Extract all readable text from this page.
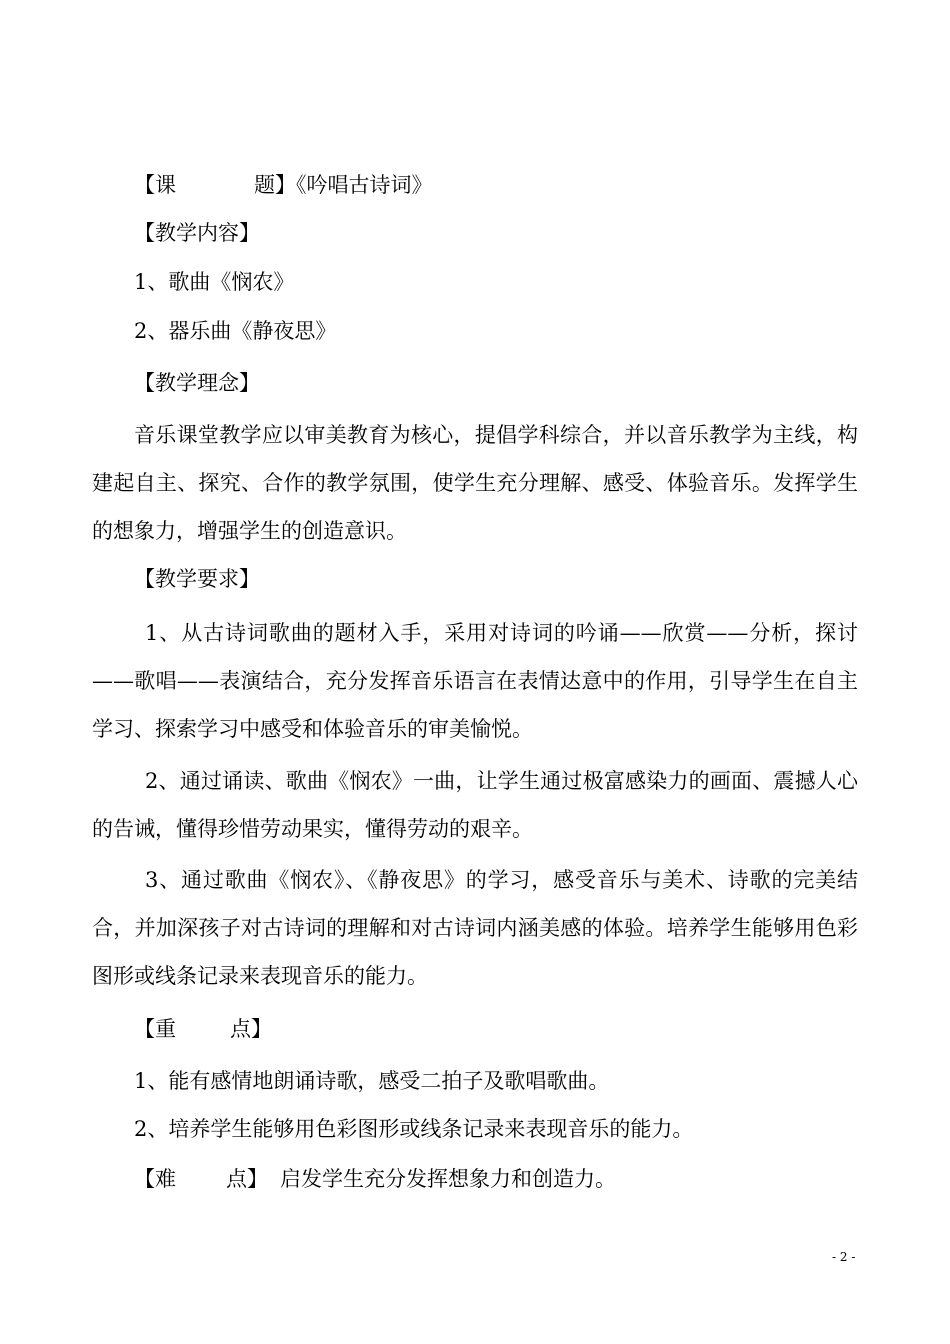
【课	题】《吟唱古诗词》
【教学内容】
1、歌曲《悯农》
2、器乐曲《静夜思》
【教学理念】
音乐课堂教学应以审美教育为核心，提倡学科综合，并以音乐教学为主线，构建起自主、探究、合作的教学氛围，使学生充分理解、感受、体验音乐。发挥学生的想象力，增强学生的创造意识。
【教学要求】
1、从古诗词歌曲的题材入手，采用对诗词的吟诵——欣赏——分析，探讨——歌唱——表演结合，充分发挥音乐语言在表情达意中的作用，引导学生在自主学习、探索学习中感受和体验音乐的审美愉悦。
2、通过诵读、歌曲《悯农》一曲，让学生通过极富感染力的画面、震撼人心的告诫，懂得珍惜劳动果实，懂得劳动的艰辛。
3、通过歌曲《悯农》、《静夜思》的学习，感受音乐与美术、诗歌的完美结合，并加深孩子对古诗词的理解和对古诗词内涵美感的体验。培养学生能够用色彩图形或线条记录来表现音乐的能力。
【重	点】
1、能有感情地朗诵诗歌，感受二拍子及歌唱歌曲。
2、培养学生能够用色彩图形或线条记录来表现音乐的能力。
【难 点】 启发学生充分发挥想象力和创造力。
- 2 -
